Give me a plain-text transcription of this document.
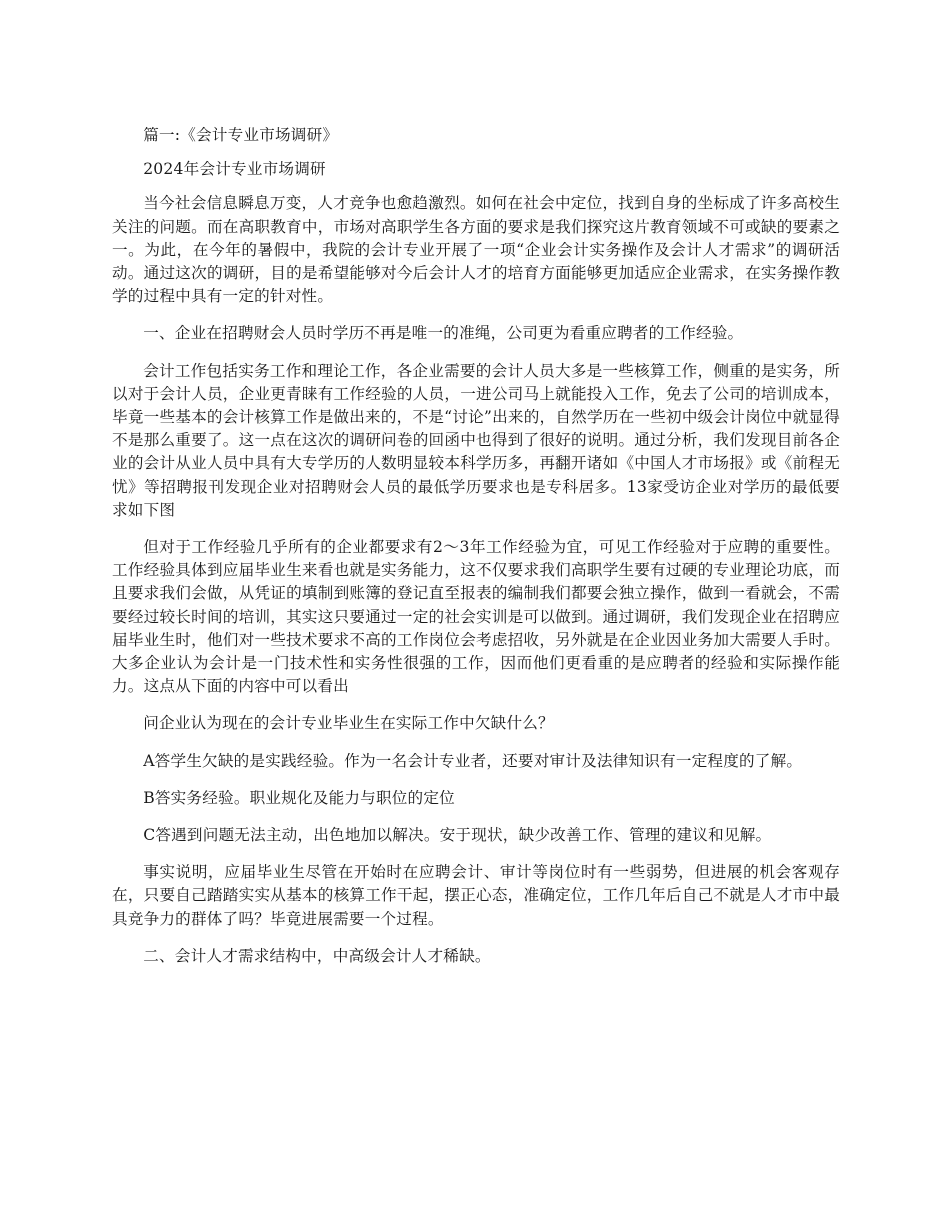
篇一:《会计专业市场调研》

2024年会计专业市场调研

当今社会信息瞬息万变，人才竞争也愈趋激烈。如何在社会中定位，找到自身的坐标成了许多高校生关注的问题。而在高职教育中，市场对高职学生各方面的要求是我们探究这片教育领域不可或缺的要素之一。为此，在今年的暑假中，我院的会计专业开展了一项“企业会计实务操作及会计人才需求”的调研活动。通过这次的调研，目的是希望能够对今后会计人才的培育方面能够更加适应企业需求，在实务操作教学的过程中具有一定的针对性。

一、企业在招聘财会人员时学历不再是唯一的准绳，公司更为看重应聘者的工作经验。

会计工作包括实务工作和理论工作，各企业需要的会计人员大多是一些核算工作，侧重的是实务，所以对于会计人员，企业更青睐有工作经验的人员，一进公司马上就能投入工作，免去了公司的培训成本，毕竟一些基本的会计核算工作是做出来的，不是“讨论”出来的，自然学历在一些初中级会计岗位中就显得不是那么重要了。这一点在这次的调研问卷的回函中也得到了很好的说明。通过分析，我们发现目前各企业的会计从业人员中具有大专学历的人数明显较本科学历多，再翻开诸如《中国人才市场报》或《前程无忧》等招聘报刊发现企业对招聘财会人员的最低学历要求也是专科居多。13家受访企业对学历的最低要求如下图

但对于工作经验几乎所有的企业都要求有2～3年工作经验为宜，可见工作经验对于应聘的重要性。工作经验具体到应届毕业生来看也就是实务能力，这不仅要求我们高职学生要有过硬的专业理论功底，而且要求我们会做，从凭证的填制到账簿的登记直至报表的编制我们都要会独立操作，做到一看就会，不需要经过较长时间的培训，其实这只要通过一定的社会实训是可以做到。通过调研，我们发现企业在招聘应届毕业生时，他们对一些技术要求不高的工作岗位会考虑招收，另外就是在企业因业务加大需要人手时。大多企业认为会计是一门技术性和实务性很强的工作，因而他们更看重的是应聘者的经验和实际操作能力。这点从下面的内容中可以看出

问企业认为现在的会计专业毕业生在实际工作中欠缺什么？

A答学生欠缺的是实践经验。作为一名会计专业者，还要对审计及法律知识有一定程度的了解。

B答实务经验。职业规化及能力与职位的定位

C答遇到问题无法主动，出色地加以解决。安于现状，缺少改善工作、管理的建议和见解。

事实说明，应届毕业生尽管在开始时在应聘会计、审计等岗位时有一些弱势，但进展的机会客观存在，只要自己踏踏实实从基本的核算工作干起，摆正心态，准确定位，工作几年后自己不就是人才市中最具竞争力的群体了吗？毕竟进展需要一个过程。

二、会计人才需求结构中，中高级会计人才稀缺。
